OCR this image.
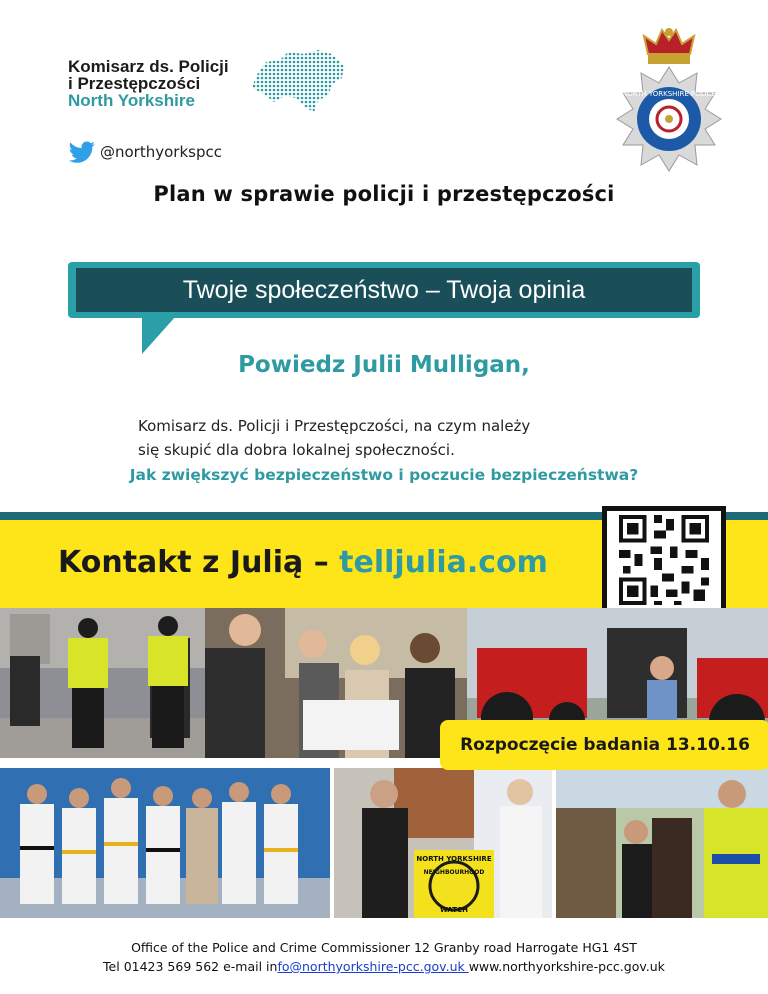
Komisarz ds. Policji
i Przestępczości
North Yorkshire	NORTH YORKSHIRE POLICE
@northyorkspcc
Plan w sprawie policji i przestępczości
Twoje społeczeństwo – Twoja opinia
Powiedz Julii Mulligan,
Komisarz ds. Policji i Przestępczości, na czym należy
się skupić dla dobra lokalnej społeczności.
Jak zwiększyć bezpieczeństwo i poczucie bezpieczeństwa?
Kontakt z Julią – telljulia.com
NORTH YORKSHIRE
NEIGHBOURHOOD
WATCH
Rozpoczęcie badania 13.10.16
Office of the Police and Crime Commissioner 12 Granby road Harrogate HG1 4ST
Tel 01423 569 562 e-mail info@northyorkshire-pcc.gov.uk www.northyorkshire-pcc.gov.uk
